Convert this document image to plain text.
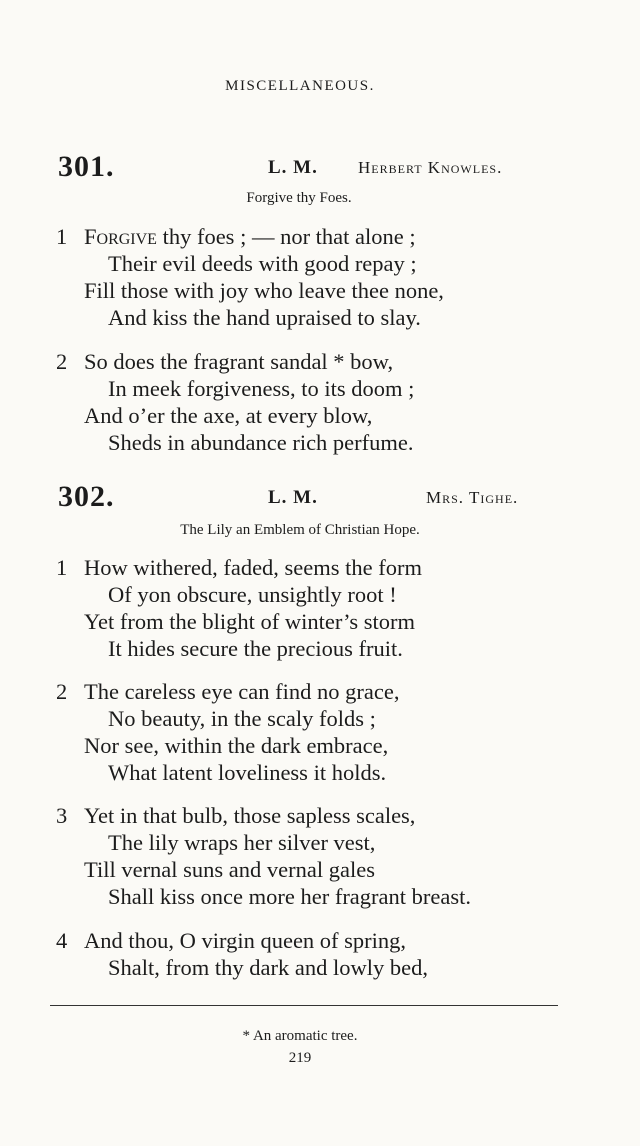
MISCELLANEOUS.
301.	L. M. Herbert Knowles.
Forgive thy Foes.
1 Forgive thy foes ; — nor that alone ;
Their evil deeds with good repay ;
Fill those with joy who leave thee none,
And kiss the hand upraised to slay.
2 So does the fragrant sandal * bow,
In meek forgiveness, to its doom ;
And o’er the axe, at every blow,
Sheds in abundance rich perfume.
302.	L. M.	Mrs. Tighe.
The Lily an Emblem of Christian Hope.
1 How withered, faded, seems the form
Of yon obscure, unsightly root !
Yet from the blight of winter’s storm
It hides secure the precious fruit.
2 The careless eye can find no grace,
No beauty, in the scaly folds ;
Nor see, within the dark embrace,
What latent loveliness it holds.
3 Yet in that bulb, those sapless scales,
The lily wraps her silver vest,
Till vernal suns and vernal gales
Shall kiss once more her fragrant breast.
4 And thou, O virgin queen of spring,
Shalt, from thy dark and lowly bed,
* An aromatic tree.
219
